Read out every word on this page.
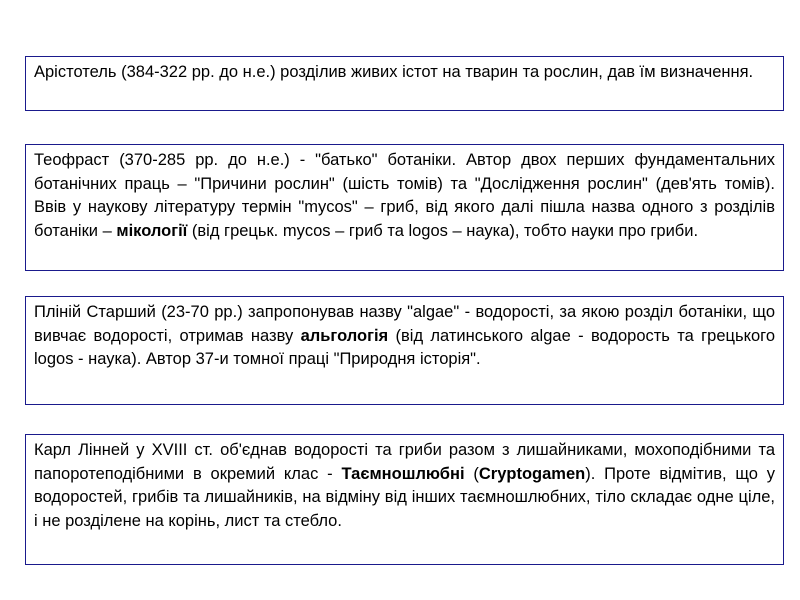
Арістотель (384-322 рр. до н.е.) розділив живих істот на тварин та рослин, дав їм визначення.
Теофраст (370-285 рр. до н.е.) - "батько" ботаніки. Автор двох перших фундаментальних ботанічних праць – "Причини рослин" (шість томів) та "Дослідження рослин" (дев'ять томів). Ввів у наукову літературу термін "mycos" – гриб, від якого далі пішла назва одного з розділів ботаніки – мікології (від грецьк. mycos – гриб та logos – наука), тобто науки про гриби.
Пліній Старший (23-70 рр.) запропонував назву "algae" - водорості, за якою розділ ботаніки, що вивчає водорості, отримав назву альгологія (від латинського algae - водорость та грецького logos - наука). Автор 37-и томної праці "Природня історія".
Карл Лінней у XVIII ст. об'єднав водорості та гриби разом з лишайниками, мохоподібними та папоротеподібними в окремий клас - Таємношлюбні (Cryptogamen). Проте відмітив, що у водоростей, грибів та лишайників, на відміну від інших таємношлюбних, тіло складає одне ціле, і не розділене на корінь, лист та стебло.
